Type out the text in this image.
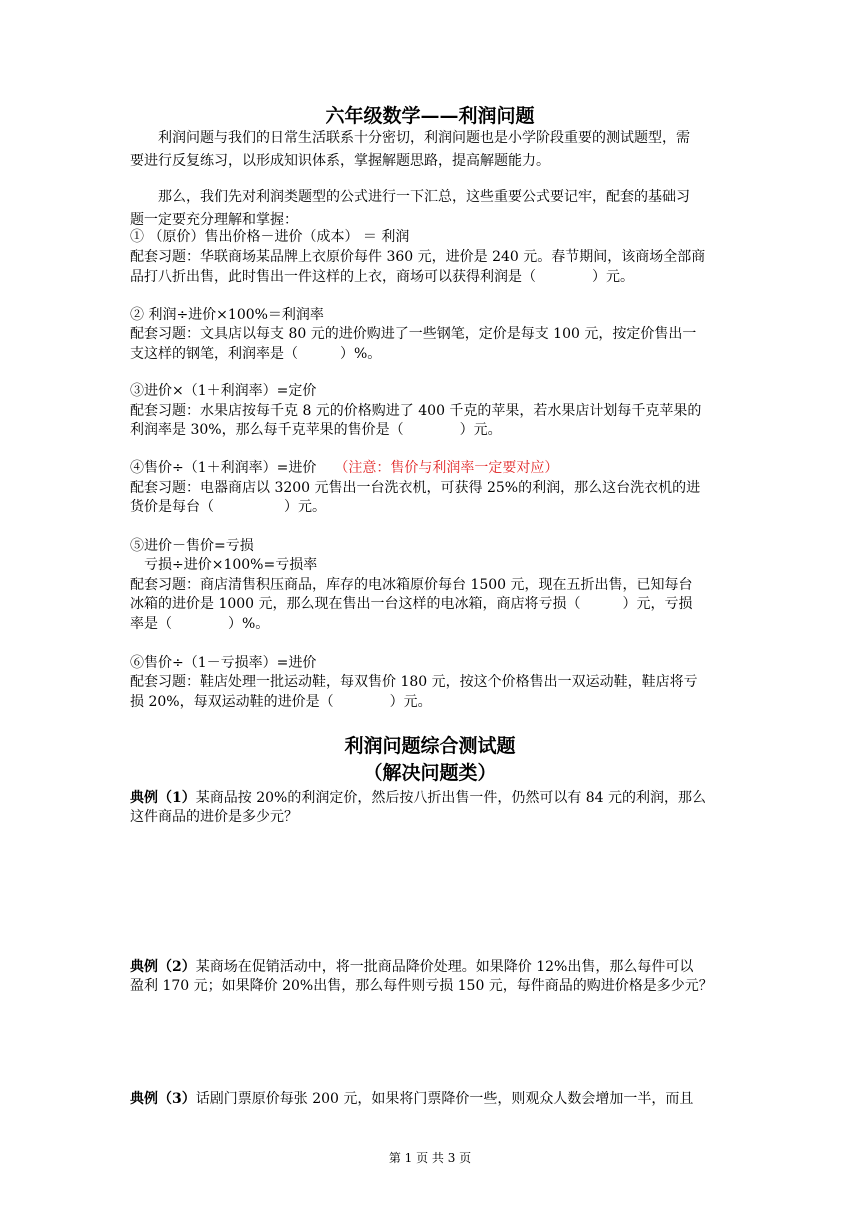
六年级数学——利润问题
利润问题与我们的日常生活联系十分密切，利润问题也是小学阶段重要的测试题型，需
要进行反复练习，以形成知识体系，掌握解题思路，提高解题能力。
那么，我们先对利润类题型的公式进行一下汇总，这些重要公式要记牢，配套的基础习
题一定要充分理解和掌握：
① （原价）售出价格－进价（成本） ＝ 利润
配套习题：华联商场某品牌上衣原价每件 360 元，进价是 240 元。春节期间，该商场全部商
品打八折出售，此时售出一件这样的上衣，商场可以获得利润是（　　　　）元。
② 利润÷进价×100%＝利润率
配套习题：文具店以每支 80 元的进价购进了一些钢笔，定价是每支 100 元，按定价售出一
支这样的钢笔，利润率是（　　　）%。
③进价×（1＋利润率）=定价
配套习题：水果店按每千克 8 元的价格购进了 400 千克的苹果，若水果店计划每千克苹果的
利润率是 30%，那么每千克苹果的售价是（　　　　）元。
④售价÷（1＋利润率）=进价 （注意：售价与利润率一定要对应）
配套习题：电器商店以 3200 元售出一台洗衣机，可获得 25%的利润，那么这台洗衣机的进
货价是每台（　　　　　）元。
⑤进价－售价=亏损
亏损÷进价×100%=亏损率
配套习题：商店清售积压商品，库存的电冰箱原价每台 1500 元，现在五折出售，已知每台
冰箱的进价是 1000 元，那么现在售出一台这样的电冰箱，商店将亏损（　　　）元，亏损
率是（　　　　）%。
⑥售价÷（1－亏损率）=进价
配套习题：鞋店处理一批运动鞋，每双售价 180 元，按这个价格售出一双运动鞋，鞋店将亏
损 20%，每双运动鞋的进价是（　　　　）元。
利润问题综合测试题
（解决问题类）
典例（1）某商品按 20%的利润定价，然后按八折出售一件，仍然可以有 84 元的利润，那么
这件商品的进价是多少元？
典例（2）某商场在促销活动中，将一批商品降价处理。如果降价 12%出售，那么每件可以
盈利 170 元；如果降价 20%出售，那么每件则亏损 150 元，每件商品的购进价格是多少元？
典例（3）话剧门票原价每张 200 元，如果将门票降价一些，则观众人数会增加一半，而且
第 1 页 共 3 页
